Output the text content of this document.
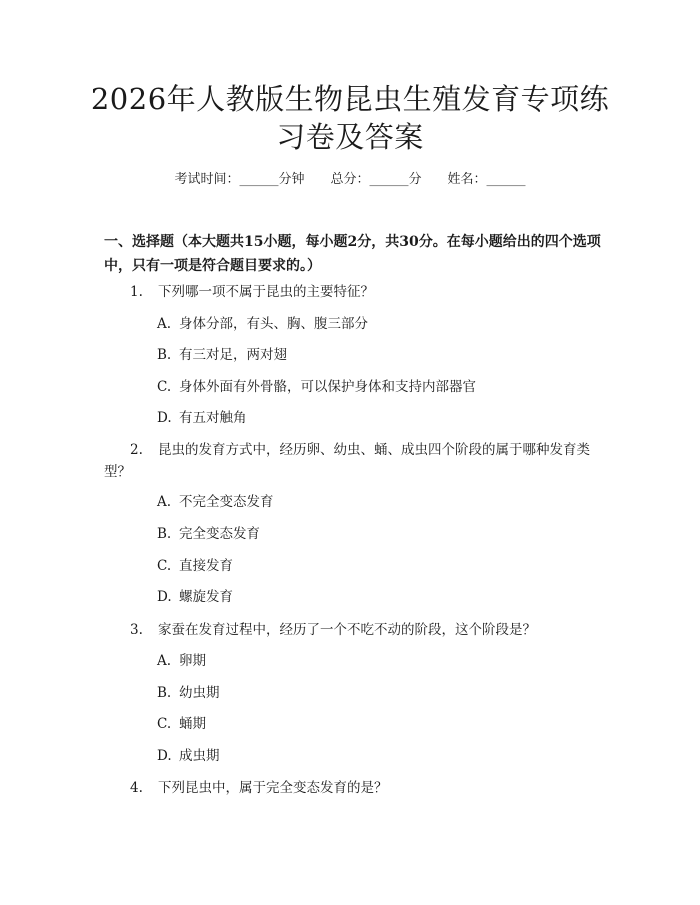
2026年人教版生物昆虫生殖发育专项练习卷及答案
考试时间：______分钟 总分：______分 姓名：______
一、选择题（本大题共15小题，每小题2分，共30分。在每小题给出的四个选项中，只有一项是符合题目要求的。）
1. 下列哪一项不属于昆虫的主要特征？
A. 身体分部，有头、胸、腹三部分
B. 有三对足，两对翅
C. 身体外面有外骨骼，可以保护身体和支持内部器官
D. 有五对触角
2. 昆虫的发育方式中，经历卵、幼虫、蛹、成虫四个阶段的属于哪种发育类型？
A. 不完全变态发育
B. 完全变态发育
C. 直接发育
D. 螺旋发育
3. 家蚕在发育过程中，经历了一个不吃不动的阶段，这个阶段是？
A. 卵期
B. 幼虫期
C. 蛹期
D. 成虫期
4. 下列昆虫中，属于完全变态发育的是？
